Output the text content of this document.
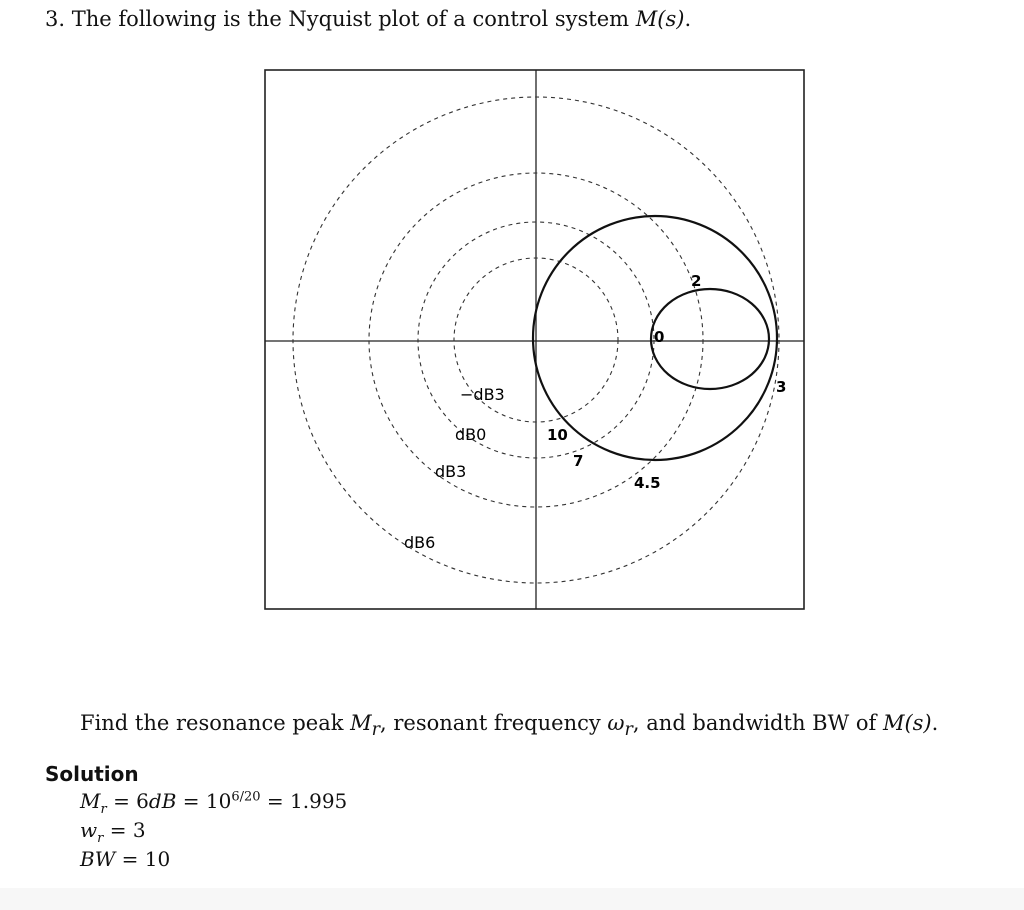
3. The following is the Nyquist plot of a control system M(s).
−dB3
dB0
dB3
dB6
0
2
3
4.5
7
10
Find the resonance peak $M_r$, resonant frequency $\omega_r$, and bandwidth BW of M(s).
Solution
$M_r = 6dB = 10^{6/20} = 1.995$
$w_r = 3$
BW = 10
